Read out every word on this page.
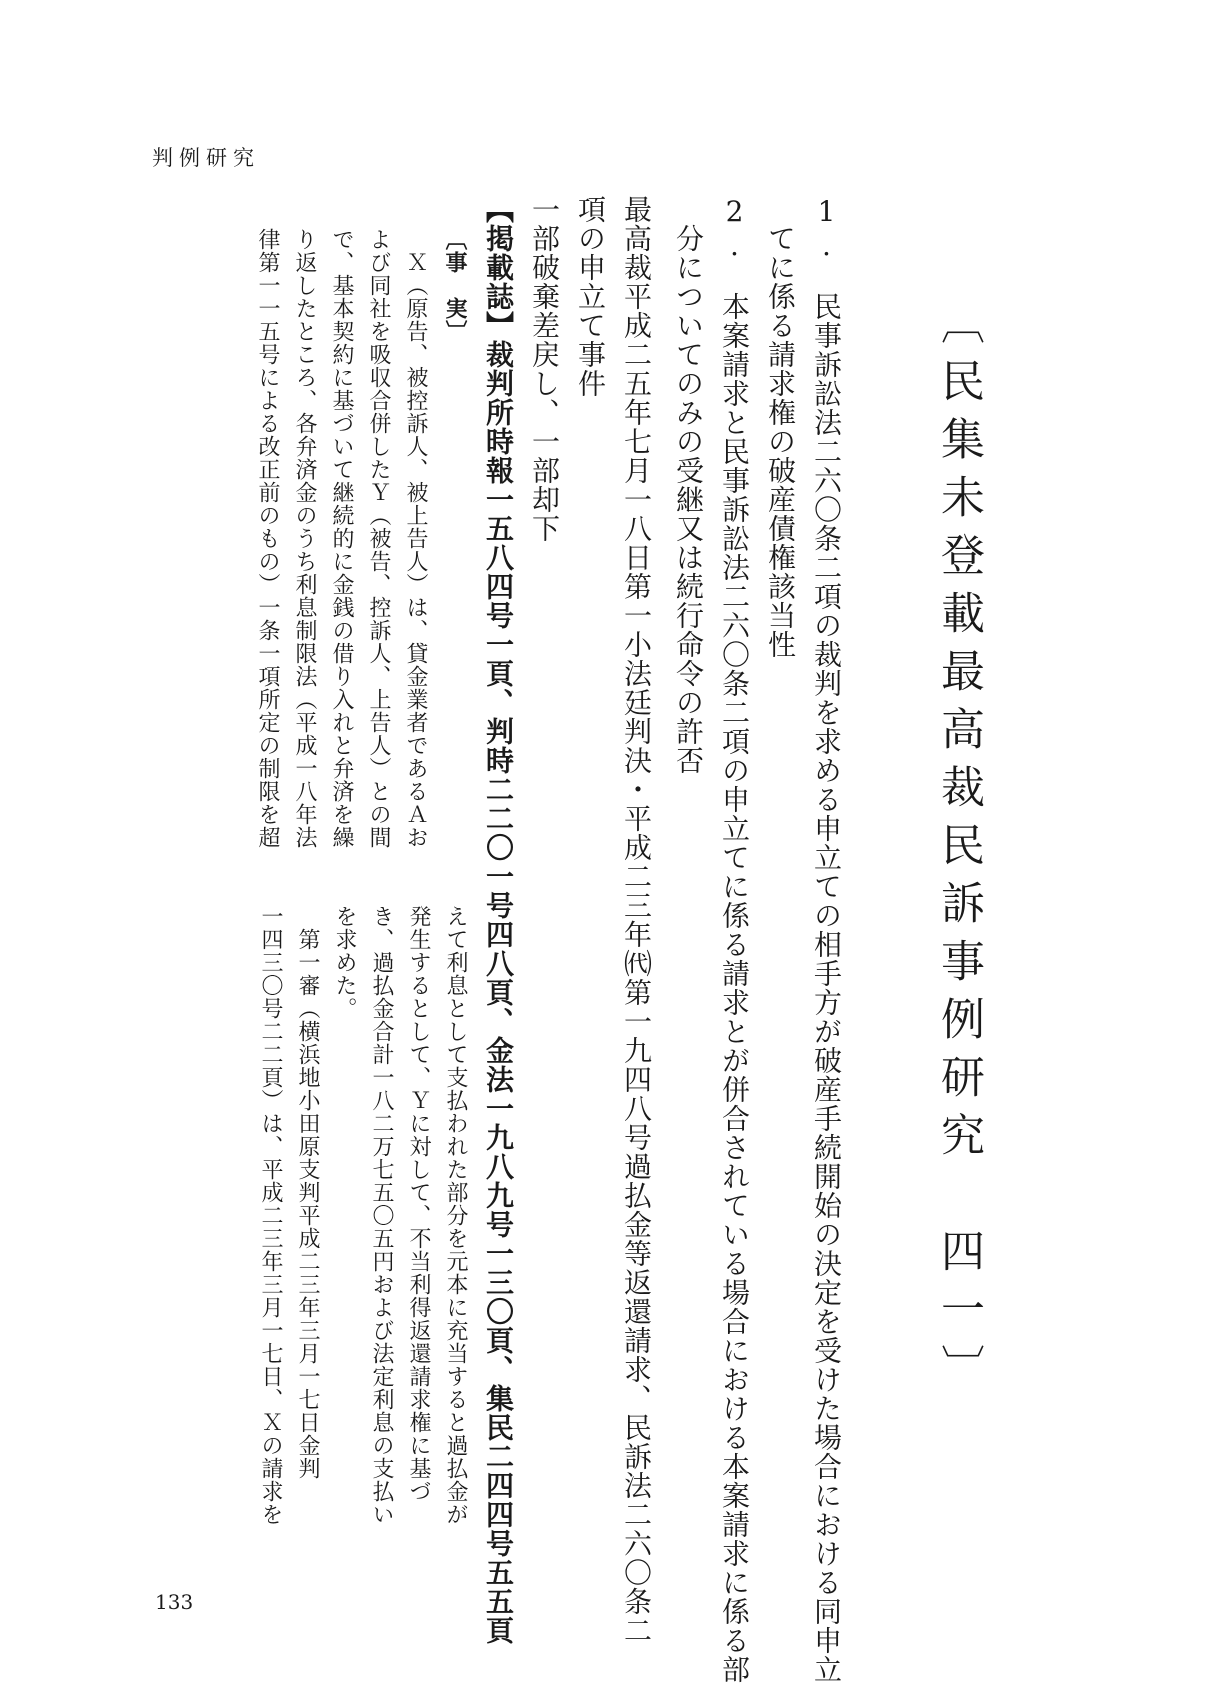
判例研究
〔民集未登載最高裁民訴事例研究　四一〕
1.　民事訴訟法二六〇条二項の裁判を求める申立ての相手方が破産手続開始の決定を受けた場合における同申立
　てに係る請求権の破産債権該当性
2.　本案請求と民事訴訟法二六〇条二項の申立てに係る請求とが併合されている場合における本案請求に係る部
　分についてのみの受継又は続行命令の許否
最高裁平成二五年七月一八日第一小法廷判決・平成二三年㈹第一九四八号過払金等返還請求、民訴法二六〇条二
項の申立て事件
一部破棄差戻し、一部却下
【掲載誌】裁判所時報一五八四号一頁、判時二二〇一号四八頁、金法一九八九号一三〇頁、集民二四四号五五頁
〔事　実〕
　Ｘ（原告、被控訴人、被上告人）は、貸金業者であるＡお
よび同社を吸収合併したＹ（被告、控訴人、上告人）との間
で、基本契約に基づいて継続的に金銭の借り入れと弁済を繰
り返したところ、各弁済金のうち利息制限法（平成一八年法
律第一一五号による改正前のもの）一条一項所定の制限を超
えて利息として支払われた部分を元本に充当すると過払金が
発生するとして、Ｙに対して、不当利得返還請求権に基づ
き、過払金合計一八二万七五〇五円および法定利息の支払い
を求めた。
　第一審（横浜地小田原支判平成二三年三月一七日金判
一四三〇号二二頁）は、平成二三年三月一七日、Ｘの請求を
133
